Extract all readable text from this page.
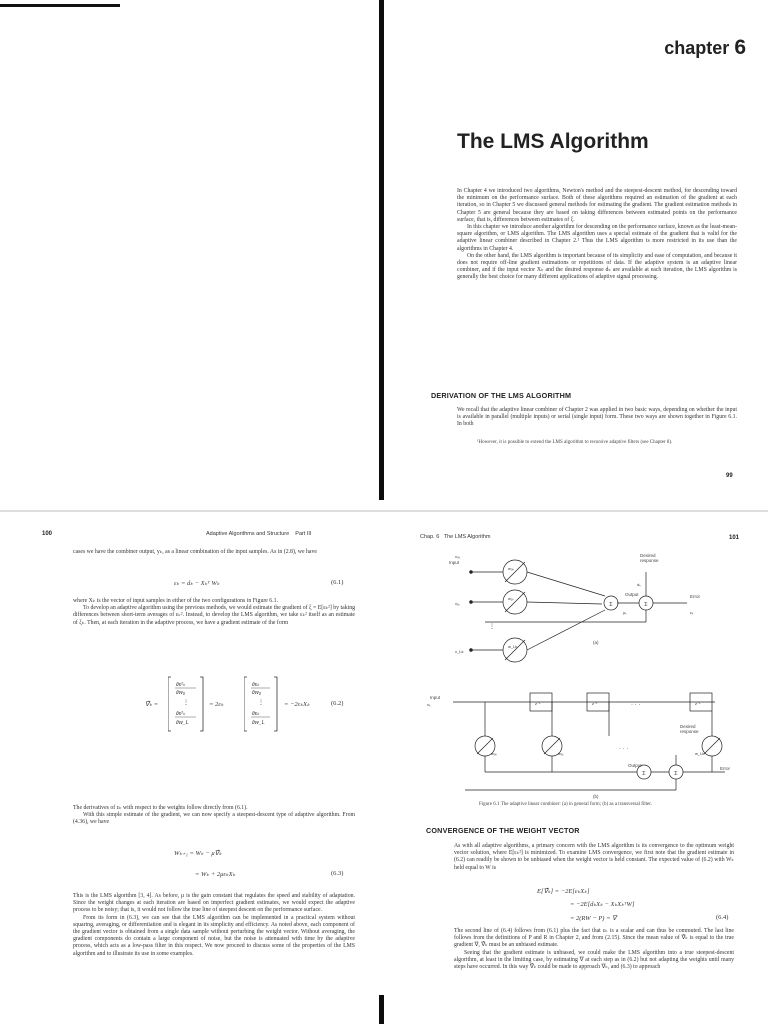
chapter 6
The LMS Algorithm

In Chapter 4 we introduced two algorithms, Newton's method and the steepest-descent method, for descending toward the minimum on the performance surface. Both of these algorithms required an estimation of the gradient at each iteration, so in Chapter 5 we discussed general methods for estimating the gradient. The gradient estimation methods in Chapter 5 are general because they are based on taking differences between estimated points on the performance surface, that is, differences between estimates of ξ.

In this chapter we introduce another algorithm for descending on the performance surface, known as the least-mean-square algorithm, or LMS algorithm. The LMS algorithm uses a special estimate of the gradient that is valid for the adaptive linear combiner described in Chapter 2.¹ Thus the LMS algorithm is more restricted in its use than the algorithms in Chapter 4.

On the other hand, the LMS algorithm is important because of its simplicity and ease of computation, and because it does not require off-line gradient estimations or repetitions of data. If the adaptive system is an adaptive linear combiner, and if the input vector Xₖ and the desired response dₖ are available at each iteration, the LMS algorithm is generally the best choice for many different applications of adaptive signal processing.

DERIVATION OF THE LMS ALGORITHM
We recall that the adaptive linear combiner of Chapter 2 was applied in two basic ways, depending on whether the input is available in parallel (multiple inputs) or serial (single input) form. These two ways are shown together in Figure 6.1. In both
¹However, it is possible to extend the LMS algorithm to recursive adaptive filters (see Chapter 8).
99
100	Adaptive Algorithms and Structure Part III
cases we have the combiner output, yₖ, as a linear combination of the input samples. As in (2.8), we have
εₖ = dₖ − Xₖᵀ Wₖ	(6.1)

where Xₖ is the vector of input samples in either of the two configurations in Figure 6.1.

To develop an adaptive algorithm using the previous methods, we would estimate the gradient of ξ = E[εₖ²] by taking differences between short-term averages of εₖ². Instead, to develop the LMS algorithm, we take εₖ² itself as an estimate of ξₖ. Then, at each iteration in the adaptive process, we have a gradient estimate of the form

∇̂ₖ =
∂ε²ₖ
∂w₀
⋮
∂ε²ₖ
∂w_L
= 2εₖ
∂εₖ
∂w₀
⋮
∂εₖ
∂w_L
= −2εₖXₖ	(6.2)

The derivatives of εₖ with respect to the weights follow directly from (6.1).

With this simple estimate of the gradient, we can now specify a steepest-descent type of adaptive algorithm. From (4.36), we have

Wₖ₊₁ = Wₖ − μ∇̂ₖ
= Wₖ + 2μεₖXₖ	(6.3)

This is the LMS algorithm [3, 4]. As before, μ is the gain constant that regulates the speed and stability of adaptation. Since the weight changes at each iteration are based on imperfect gradient estimates, we would expect the adaptive process to be noisy; that is, it would not follow the true line of steepest descent on the performance surface.

From its form in (6.3), we can see that the LMS algorithm can be implemented in a practical system without squaring, averaging, or differentiation and is elegant in its simplicity and efficiency. As noted above, each component of the gradient vector is obtained from a single data sample without perturbing the weight vector. Without averaging, the gradient components do contain a large component of noise, but the noise is attenuated with time by the adaptive process, which acts as a low-pass filter in this respect. We now proceed to discuss some of the properties of the LMS algorithm and to illustrate its use in some examples.

Chap. 6   The LMS Algorithm	101
Σ	Σ
Σ	Σ
w₀ₖ
w₁ₖ
w_Lk
⋮
x₀ₖ
x₁ₖ
x_Lk
z⁻¹	z⁻¹	z⁻¹
w₀ₖ	w₁ₖ	w_Lk
· · ·
· · ·
xₖ
dₖ
yₖ	εₖ
Input
Desired
response
Output	Error
(a)
Input
Desired
response
Output
Error
(b)
Figure 6.1 The adaptive linear combiner: (a) in general form; (b) as a transversal filter.
CONVERGENCE OF THE WEIGHT VECTOR
As with all adaptive algorithms, a primary concern with the LMS algorithm is its convergence to the optimum weight vector solution, where E[εₖ²] is minimized. To examine LMS convergence, we first note that the gradient estimate in (6.2) can readily be shown to be unbiased when the weight vector is held constant. The expected value of (6.2) with Wₖ held equal to W is
E[∇̂ₖ] = −2E[εₖXₖ]
= −2E[dₖXₖ − XₖXₖᵀW]
= 2(RW − P) = ∇	(6.4)

The second line of (6.4) follows from (6.1) plus the fact that εₖ is a scalar and can thus be commuted. The last line follows from the definitions of P and R in Chapter 2, and from (2.15). Since the mean value of ∇̂ₖ is equal to the true gradient ∇, ∇̂ₖ must be an unbiased estimate.

Seeing that the gradient estimate is unbiased, we could make the LMS algorithm into a true steepest-descent algorithm, at least in the limiting case, by estimating ∇ at each step as in (6.2) but not adapting the weights until many steps have occurred. In this way ∇̂ₖ could be made to approach ∇ₖ, and (6.3) to approach
